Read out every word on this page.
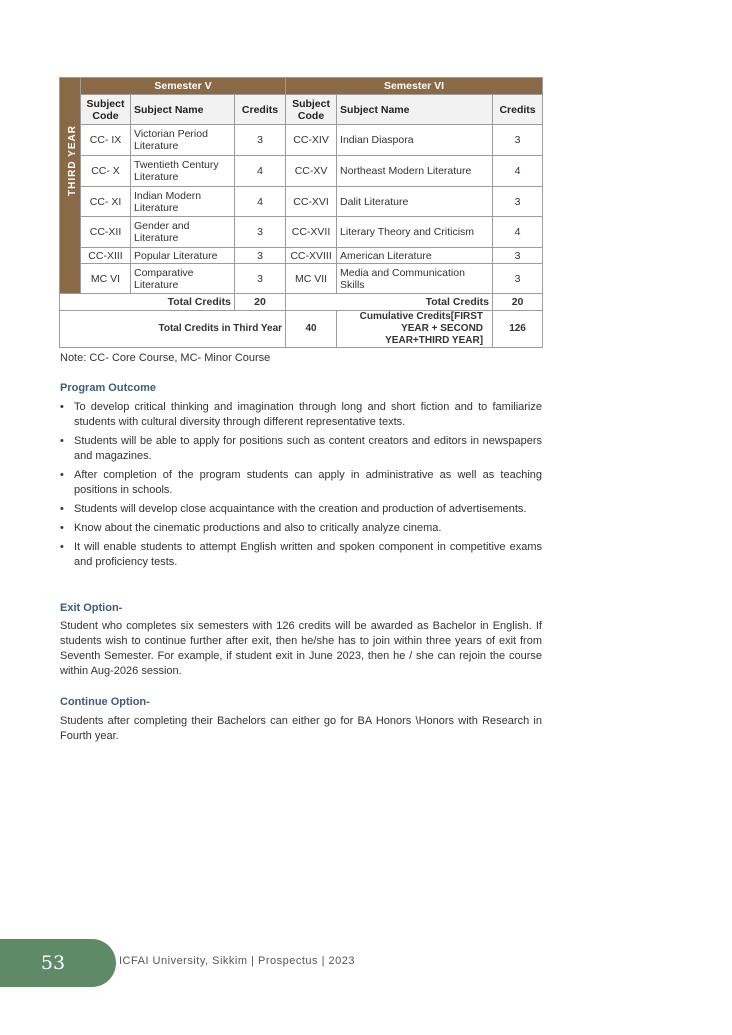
THIRD YEAR	Semester V			Semester VI		
	Subject Code	Subject Name	Credits	Subject Code	Subject Name	Credits
	CC- IX	Victorian Period Literature	3	CC-XIV	Indian Diaspora	3
	CC- X	Twentieth Century Literature	4	CC-XV	Northeast Modern Literature	4
	CC- XI	Indian Modern Literature	4	CC-XVI	Dalit Literature	3
	CC-XII	Gender and Literature	3	CC-XVII	Literary Theory and Criticism	4
	CC-XIII	Popular Literature	3	CC-XVIII	American Literature	3
	MC VI	Comparative Literature	3	MC VII	Media and Communication Skills	3
Total Credits			20	Total Credits		20
Total Credits in Third Year				40	Cumulative Credits[FIRST YEAR + SECOND YEAR+THIRD YEAR]	126
Note: CC- Core Course, MC- Minor Course
Program Outcome
• To develop critical thinking and imagination through long and short fiction and to familiarize students with cultural diversity through different representative texts.
• Students will be able to apply for positions such as content creators and editors in newspapers and magazines.
• After completion of the program students can apply in administrative as well as teaching positions in schools.
• Students will develop close acquaintance with the creation and production of advertisements.
• Know about the cinematic productions and also to critically analyze cinema.
• It will enable students to attempt English written and spoken component in competitive exams and proficiency tests.
Exit Option-
Student who completes six semesters with 126 credits will be awarded as Bachelor in English. If students wish to continue further after exit, then he/she has to join within three years of exit from Seventh Semester. For example, if student exit in June 2023, then he / she can rejoin the course within Aug-2026 session.
Continue Option-
Students after completing their Bachelors can either go for BA Honors \Honors with Research in Fourth year.
53	ICFAI University, Sikkim | Prospectus | 2023
